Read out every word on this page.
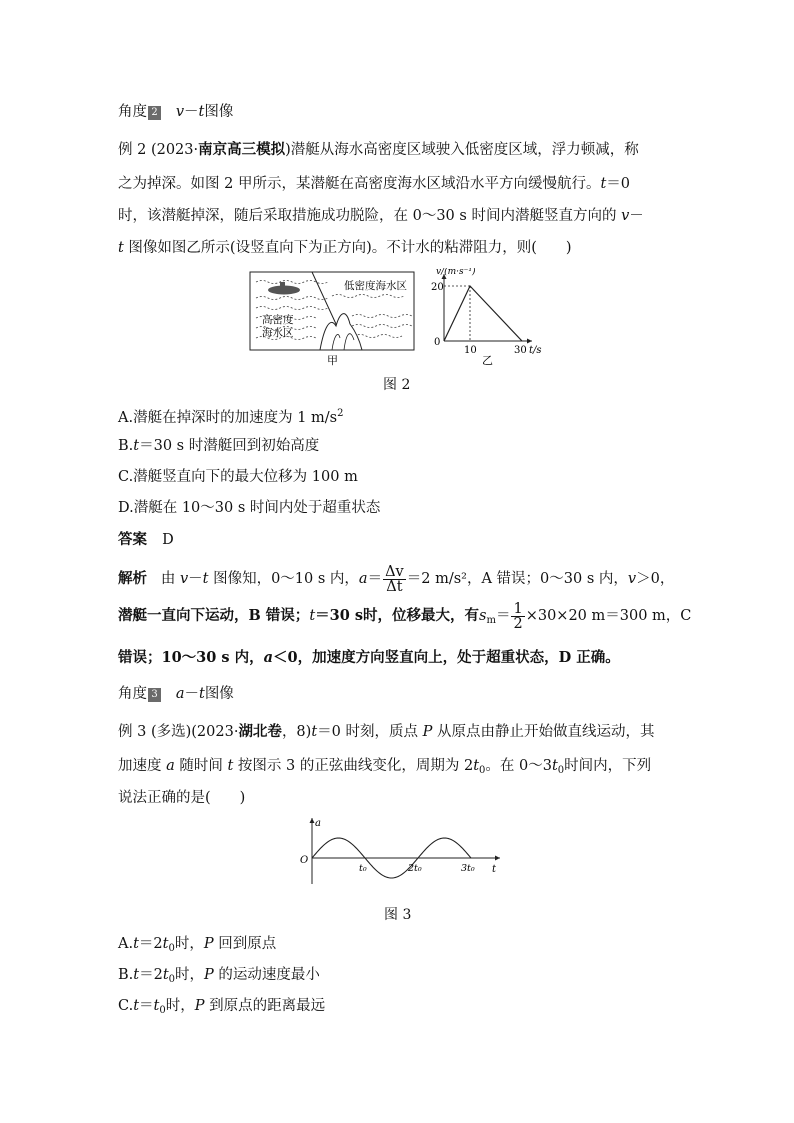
角度 2 v－t图像
例 2 (2023·南京高三模拟)潜艇从海水高密度区域驶入低密度区域，浮力顿减，称
之为掉深。如图 2 甲所示，某潜艇在高密度海水区域沿水平方向缓慢航行。t＝0
时，该潜艇掉深，随后采取措施成功脱险，在 0～30 s 时间内潜艇竖直方向的 v－
t 图像如图乙所示(设竖直向下为正方向)。不计水的粘滞阻力，则(　　)
低密度海水区
高密度
海水区
甲
v/(m·s⁻¹)
20
0
10	30 t/s
乙
图 2
A.潜艇在掉深时的加速度为 1 $m/s^2$
B.t＝30 s 时潜艇回到初始高度
C.潜艇竖直向下的最大位移为 100 m
D.潜艇在 10～30 s 时间内处于超重状态
答案 D
解析 由 v－t 图像知，0～10 s 内，$a= \frac{\Delta v}{\Delta t} =2$ m/s²，A 错误；0～30 s 内，v＞0，
潜艇一直向下运动，B 错误；t＝30 s时，位移最大，有$s_m= \frac{1}{2} \times 30\times 20$ m＝300 m，C
错误；10～30 s 内，a＜0，加速度方向竖直向上，处于超重状态，D 正确。
角度 3 a－t图像
例 3 (多选)(2023·湖北卷，8)t＝0 时刻，质点 P 从原点由静止开始做直线运动，其
加速度 a 随时间 t 按图示 3 的正弦曲线变化，周期为 $2t_0$。在 $0\sim 3t_0$时间内，下列
说法正确的是(　　)
a
O
t
t₀	2t₀	3t₀
图 3
$A.t=2t_0$时，P 回到原点
$B.t=2t_0$时，P 的运动速度最小
$C.t=t_0$时，P 到原点的距离最远
